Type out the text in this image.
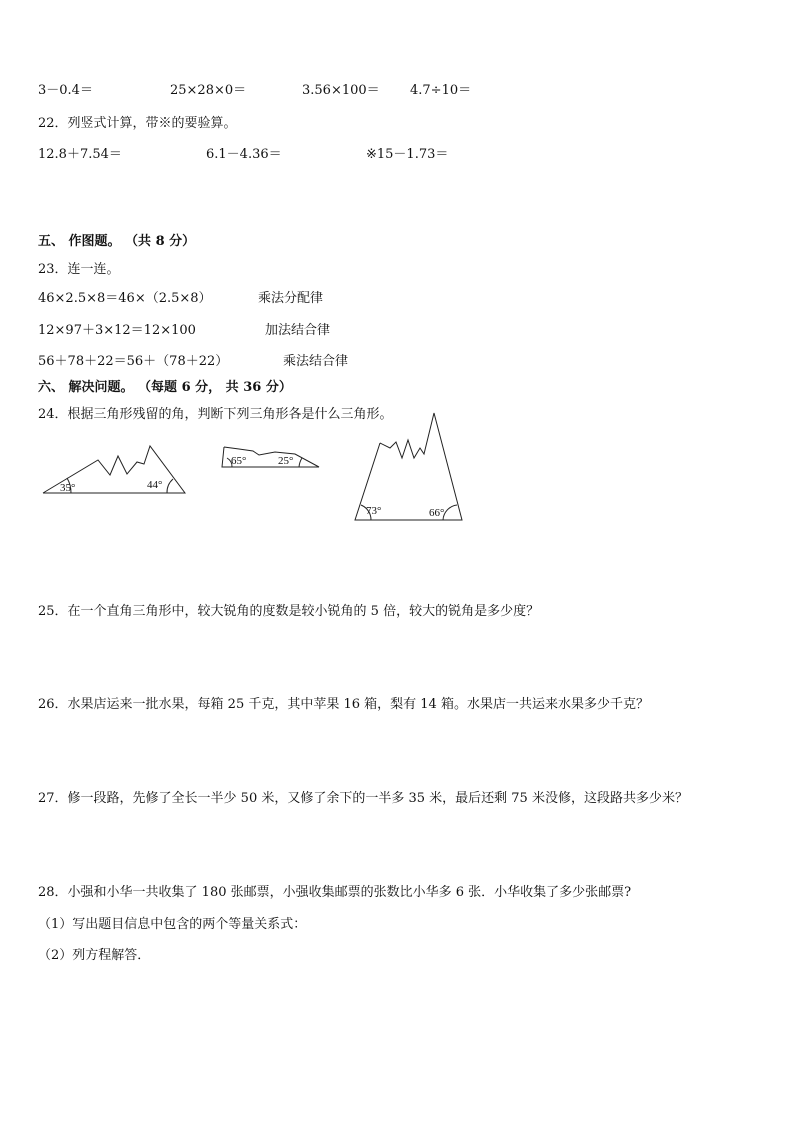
3－0.4＝	25×28×0＝	3.56×100＝ 4.7÷10＝
22．列竖式计算，带※的要验算。
12.8＋7.54＝	6.1－4.36＝	※15－1.73＝
五、 作图题。 （共 8 分）
23．连一连。
46×2.5×8＝46×（2.5×8）	乘法分配律
12×97＋3×12＝12×100	加法结合律
56＋78＋22＝56＋（78＋22）	乘法结合律
六、 解决问题。 （每题 6 分， 共 36 分）
24．根据三角形残留的角，判断下列三角形各是什么三角形。
35°	44°
65°	25°
73°	66°
25．在一个直角三角形中，较大锐角的度数是较小锐角的 5 倍，较大的锐角是多少度？
26．水果店运来一批水果，每箱 25 千克，其中苹果 16 箱，梨有 14 箱。水果店一共运来水果多少千克？
27．修一段路，先修了全长一半少 50 米，又修了余下的一半多 35 米，最后还剩 75 米没修，这段路共多少米？
28．小强和小华一共收集了 180 张邮票，小强收集邮票的张数比小华多 6 张．小华收集了多少张邮票?
（1）写出题目信息中包含的两个等量关系式：
（2）列方程解答．
